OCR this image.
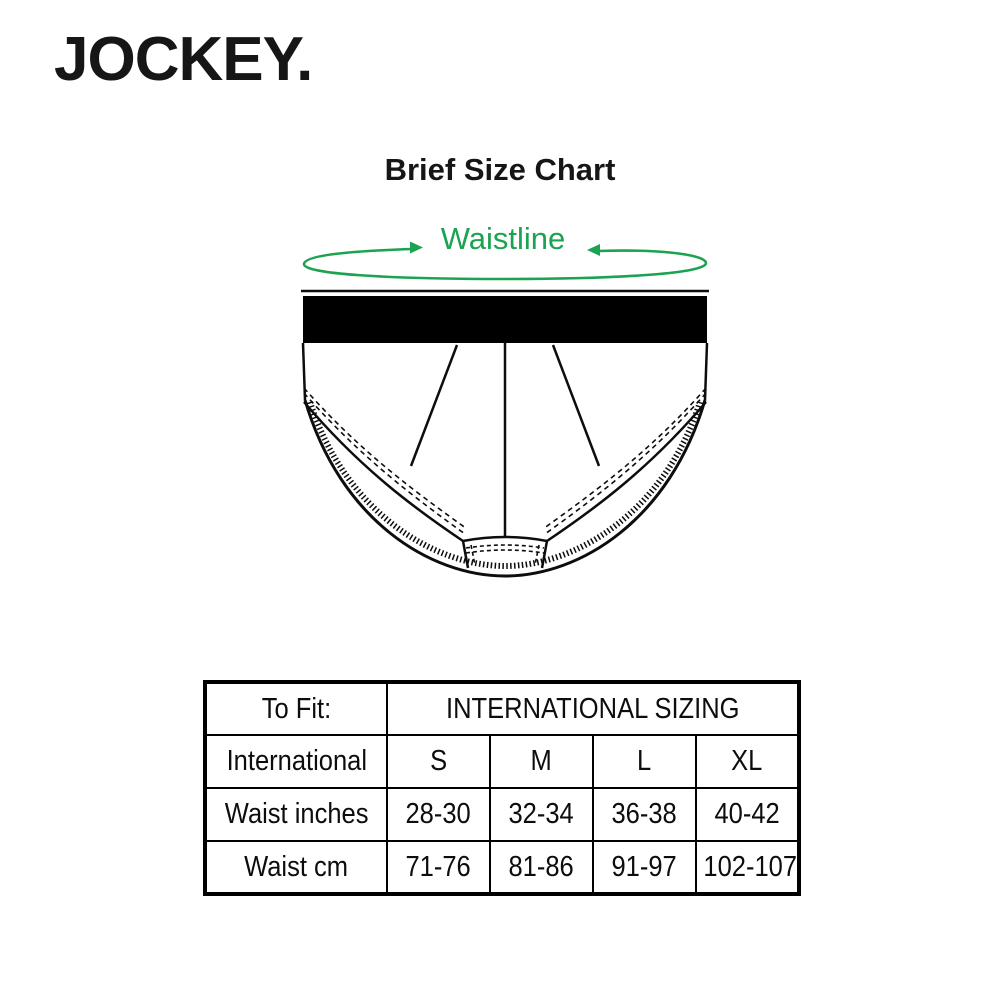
JOCKEY.
Brief Size Chart
Waistline
To Fit:	INTERNATIONAL SIZING			
International	S	M	L	XL
Waist inches	28-30	32-34	36-38	40-42
Waist cm	71-76	81-86	91-97	102-107
